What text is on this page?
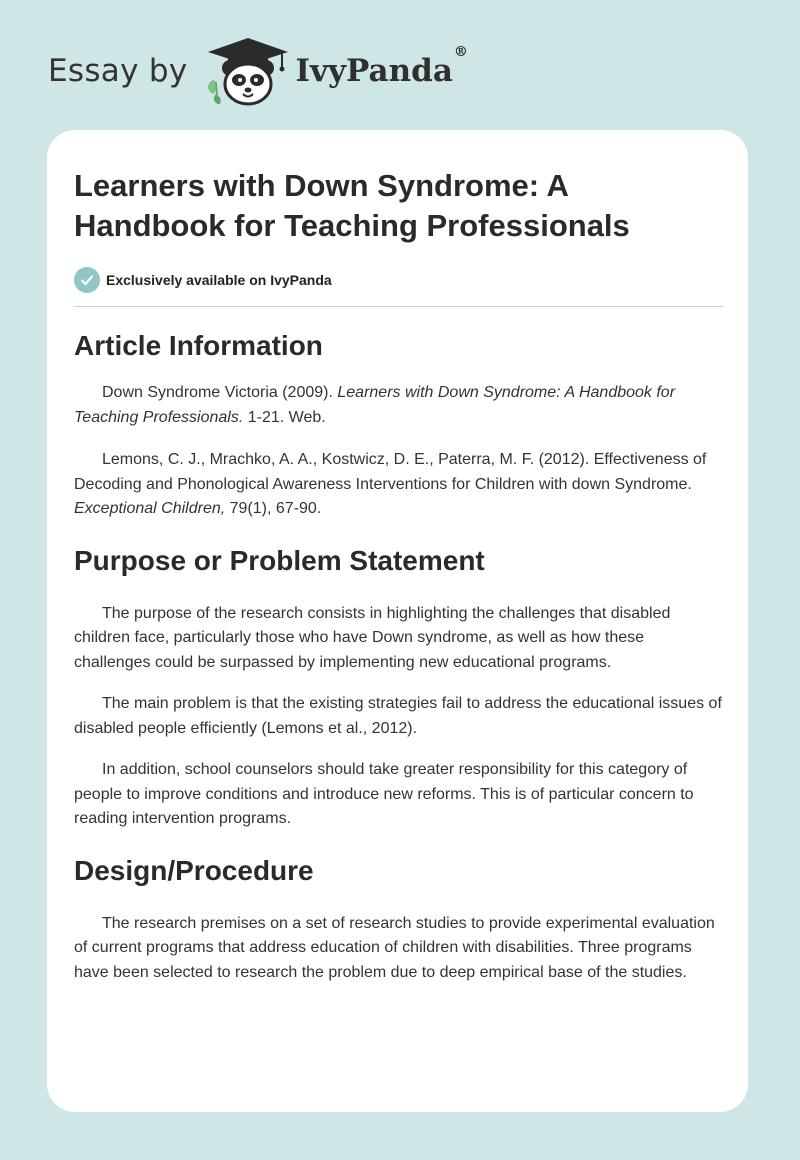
Essay by	IvyPanda®
Learners with Down Syndrome: A Handbook for Teaching Professionals
Exclusively available on IvyPanda
Article Information

Down Syndrome Victoria (2009). Learners with Down Syndrome: A Handbook for Teaching Professionals. 1-21. Web.

Lemons, C. J., Mrachko, A. A., Kostwicz, D. E., Paterra, M. F. (2012). Effectiveness of Decoding and Phonological Awareness Interventions for Children with down Syndrome. Exceptional Children, 79(1), 67-90.

Purpose or Problem Statement

The purpose of the research consists in highlighting the challenges that disabled children face, particularly those who have Down syndrome, as well as how these challenges could be surpassed by implementing new educational programs.

The main problem is that the existing strategies fail to address the educational issues of disabled people efficiently (Lemons et al., 2012).

In addition, school counselors should take greater responsibility for this category of people to improve conditions and introduce new reforms. This is of particular concern to reading intervention programs.

Design/Procedure

The research premises on a set of research studies to provide experimental evaluation of current programs that address education of children with disabilities. Three programs have been selected to research the problem due to deep empirical base of the studies.
